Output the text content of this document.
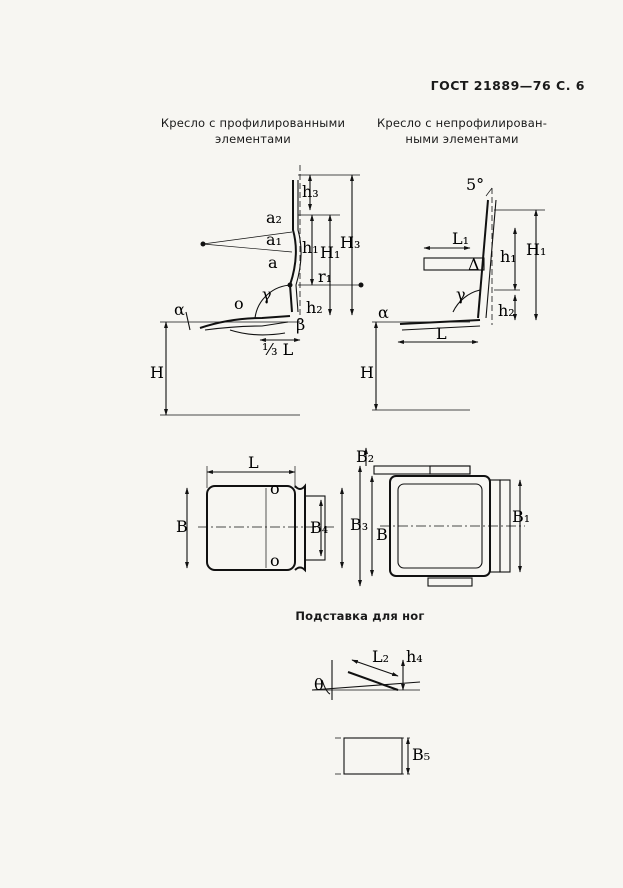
ГОСТ 21889—76 С. 6
Кресло с профилированными
элементами
Кресло с непрофилирован-
ными элементами
Подставка для ног
α
H
o
a
a₁
a₂
γ
β
h₁ H₁
H₃
h₃
r₁
h₂
¹⁄₃ L
α
H
5°
L₁
Δ
γ
h₁ H₁
h₂
L
o
o
L
B	B₄
B₂
B₃
B
B₁
θ
L₂ h₄
B₅
